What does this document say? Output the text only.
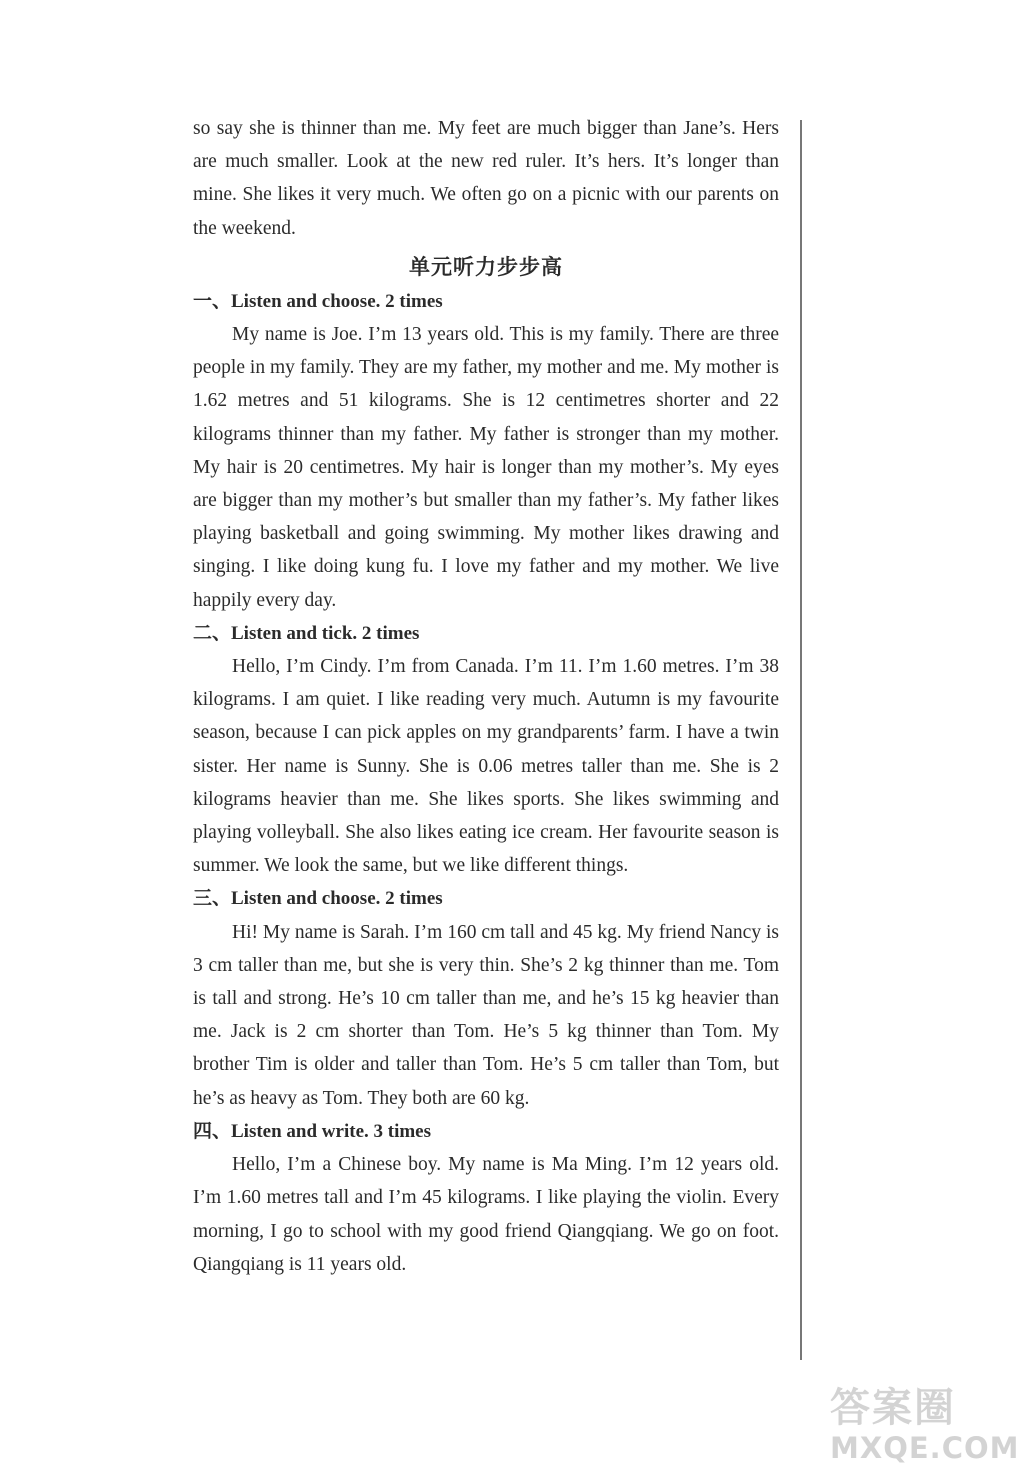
so say she is thinner than me. My feet are much bigger than Jane’s. Hers are much smaller. Look at the new red ruler. It’s hers. It’s longer than mine. She likes it very much. We often go on a picnic with our parents on the weekend.

单元听力步步高
一、Listen and choose. 2 times

My name is Joe. I’m 13 years old. This is my family. There are three people in my family. They are my father, my mother and me. My mother is 1.62 metres and 51 kilograms. She is 12 centimetres shorter and 22 kilograms thinner than my father. My father is stronger than my mother. My hair is 20 centimetres. My hair is longer than my mother’s. My eyes are bigger than my mother’s but smaller than my father’s. My father likes playing basketball and going swimming. My mother likes drawing and singing. I like doing kung fu. I love my father and my mother. We live happily every day.

二、Listen and tick. 2 times

Hello, I’m Cindy. I’m from Canada. I’m 11. I’m 1.60 metres. I’m 38 kilograms. I am quiet. I like reading very much. Autumn is my favourite season, because I can pick apples on my grandparents’ farm. I have a twin sister. Her name is Sunny. She is 0.06 metres taller than me. She is 2 kilograms heavier than me. She likes sports. She likes swimming and playing volleyball. She also likes eating ice cream. Her favourite season is summer. We look the same, but we like different things.

三、Listen and choose. 2 times

Hi! My name is Sarah. I’m 160 cm tall and 45 kg. My friend Nancy is 3 cm taller than me, but she is very thin. She’s 2 kg thinner than me. Tom is tall and strong. He’s 10 cm taller than me, and he’s 15 kg heavier than me. Jack is 2 cm shorter than Tom. He’s 5 kg thinner than Tom. My brother Tim is older and taller than Tom. He’s 5 cm taller than Tom, but he’s as heavy as Tom. They both are 60 kg.

四、Listen and write. 3 times

Hello, I’m a Chinese boy. My name is Ma Ming. I’m 12 years old. I’m 1.60 metres tall and I’m 45 kilograms. I like playing the violin. Every morning, I go to school with my good friend Qiangqiang. We go on foot. Qiangqiang is 11 years old.

答案圈
MXQE.COM
